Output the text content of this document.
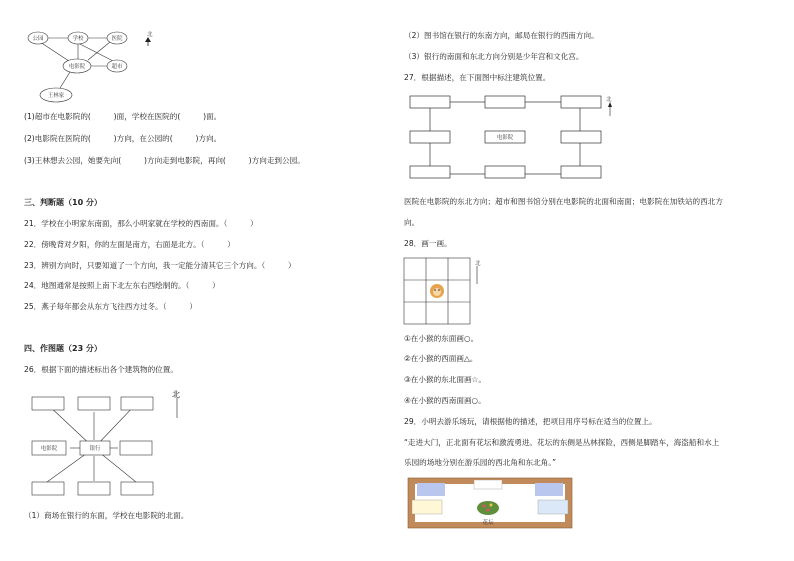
公园	学校	医院
电影院	超市
王林家
北
电影院	银行
北
电影院
北
北
花坛
(1)超市在电影院的(　　　)面，学校在医院的(　　　)面。
(2)电影院在医院的(　　　)方向，在公园的(　　　)方向。
(3)王林想去公园，她要先向(　　　)方向走到电影院，再向(　　　)方向走到公园。
三、判断题（10 分）
21．学校在小明家东南面，那么小明家就在学校的西南面。（　　　）
22．傍晚背对夕阳，你的左面是南方，右面是北方。（　　　）
23．辨别方向时，只要知道了一个方向，我一定能分清其它三个方向。（　　　）
24．地图通常是按照上南下北左东右西绘制的。（　　　）
25．燕子每年都会从东方飞往西方过冬。（　　　）
四、作图题（23 分）
26．根据下面的描述标出各个建筑物的位置。
（1）商场在银行的东面，学校在电影院的北面。
（2）图书馆在银行的东南方向，邮局在银行的西南方向。
（3）银行的南面和东北方向分别是少年宫和文化宫。
27．根据描述，在下面图中标注建筑位置。
医院在电影院的东北方向；超市和图书馆分别在电影院的北面和南面；电影院在加铁站的西北方
向。
28．画一画。
①在小猴的东面画○。
②在小猴的西面画△。
③在小猴的东北面画☆。
④在小猴的西南面画○。
29．小明去游乐场玩，请根据他的描述，把项目用序号标在适当的位置上。
“走进大门，正北面有花坛和激流勇进。花坛的东侧是丛林探险，西侧是脚踏车，海盗船和水上
乐园的场地分别在游乐园的西北角和东北角。”
